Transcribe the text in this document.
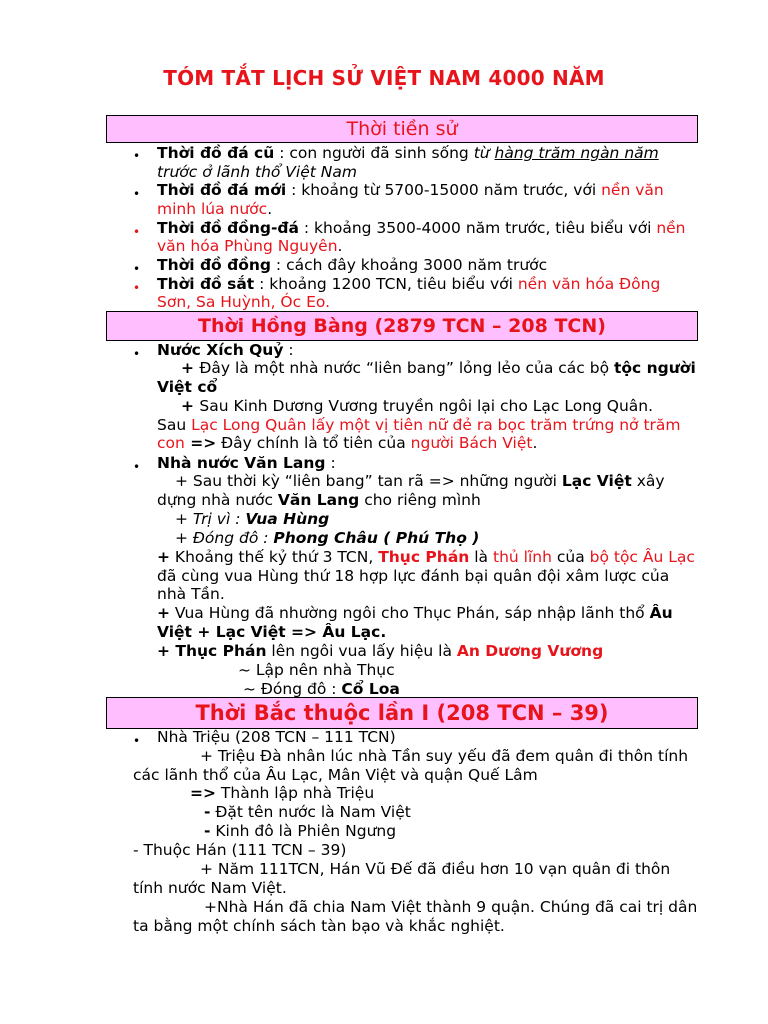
TÓM TẮT LỊCH SỬ VIỆT NAM 4000 NĂM
Thời tiền sử
Thời Hồng Bàng (2879 TCN – 208 TCN)
Thời Bắc thuộc lần I (208 TCN – 39)
• Thời đồ đá cũ : con người đã sinh sống từ hàng trăm ngàn năm
trước ở lãnh thổ Việt Nam
• Thời đồ đá mới : khoảng từ 5700-15000 năm trước, với nền văn
minh lúa nước.
• Thời đồ đồng-đá : khoảng 3500-4000 năm trước, tiêu biểu với nền
văn hóa Phùng Nguyên.
• Thời đồ đồng : cách đây khoảng 3000 năm trước
• Thời đồ sắt : khoảng 1200 TCN, tiêu biểu với nền văn hóa Đông
Sơn, Sa Huỳnh, Óc Eo.
• Nước Xích Quỷ :
+ Đây là một nhà nước “liên bang” lỏng lẻo của các bộ tộc người
Việt cổ
+ Sau Kinh Dương Vương truyền ngôi lại cho Lạc Long Quân.
Sau Lạc Long Quân lấy một vị tiên nữ đẻ ra bọc trăm trứng nở trăm
con => Đây chính là tổ tiên của người Bách Việt.
• Nhà nước Văn Lang :
+ Sau thời kỳ “liên bang” tan rã => những người Lạc Việt xây
dựng nhà nước Văn Lang cho riêng mình
+ Trị vì : Vua Hùng
+ Đóng đô : Phong Châu ( Phú Thọ )
+ Khoảng thế kỷ thứ 3 TCN, Thục Phán là thủ lĩnh của bộ tộc Âu Lạc
đã cùng vua Hùng thứ 18 hợp lực đánh bại quân đội xâm lược của
nhà Tần.
+ Vua Hùng đã nhường ngôi cho Thục Phán, sáp nhập lãnh thổ Âu
Việt + Lạc Việt => Âu Lạc.
+ Thục Phán lên ngôi vua lấy hiệu là An Dương Vương
~ Lập nên nhà Thục
~ Đóng đô : Cổ Loa
• Nhà Triệu (208 TCN – 111 TCN)
+ Triệu Đà nhân lúc nhà Tần suy yếu đã đem quân đi thôn tính
các lãnh thổ của Âu Lạc, Mân Việt và quận Quế Lâm
=> Thành lập nhà Triệu
- Đặt tên nước là Nam Việt
- Kinh đô là Phiên Ngưng
- Thuộc Hán (111 TCN – 39)
+ Năm 111TCN, Hán Vũ Đế đã điều hơn 10 vạn quân đi thôn
tính nước Nam Việt.
+Nhà Hán đã chia Nam Việt thành 9 quận. Chúng đã cai trị dân
ta bằng một chính sách tàn bạo và khắc nghiệt.
